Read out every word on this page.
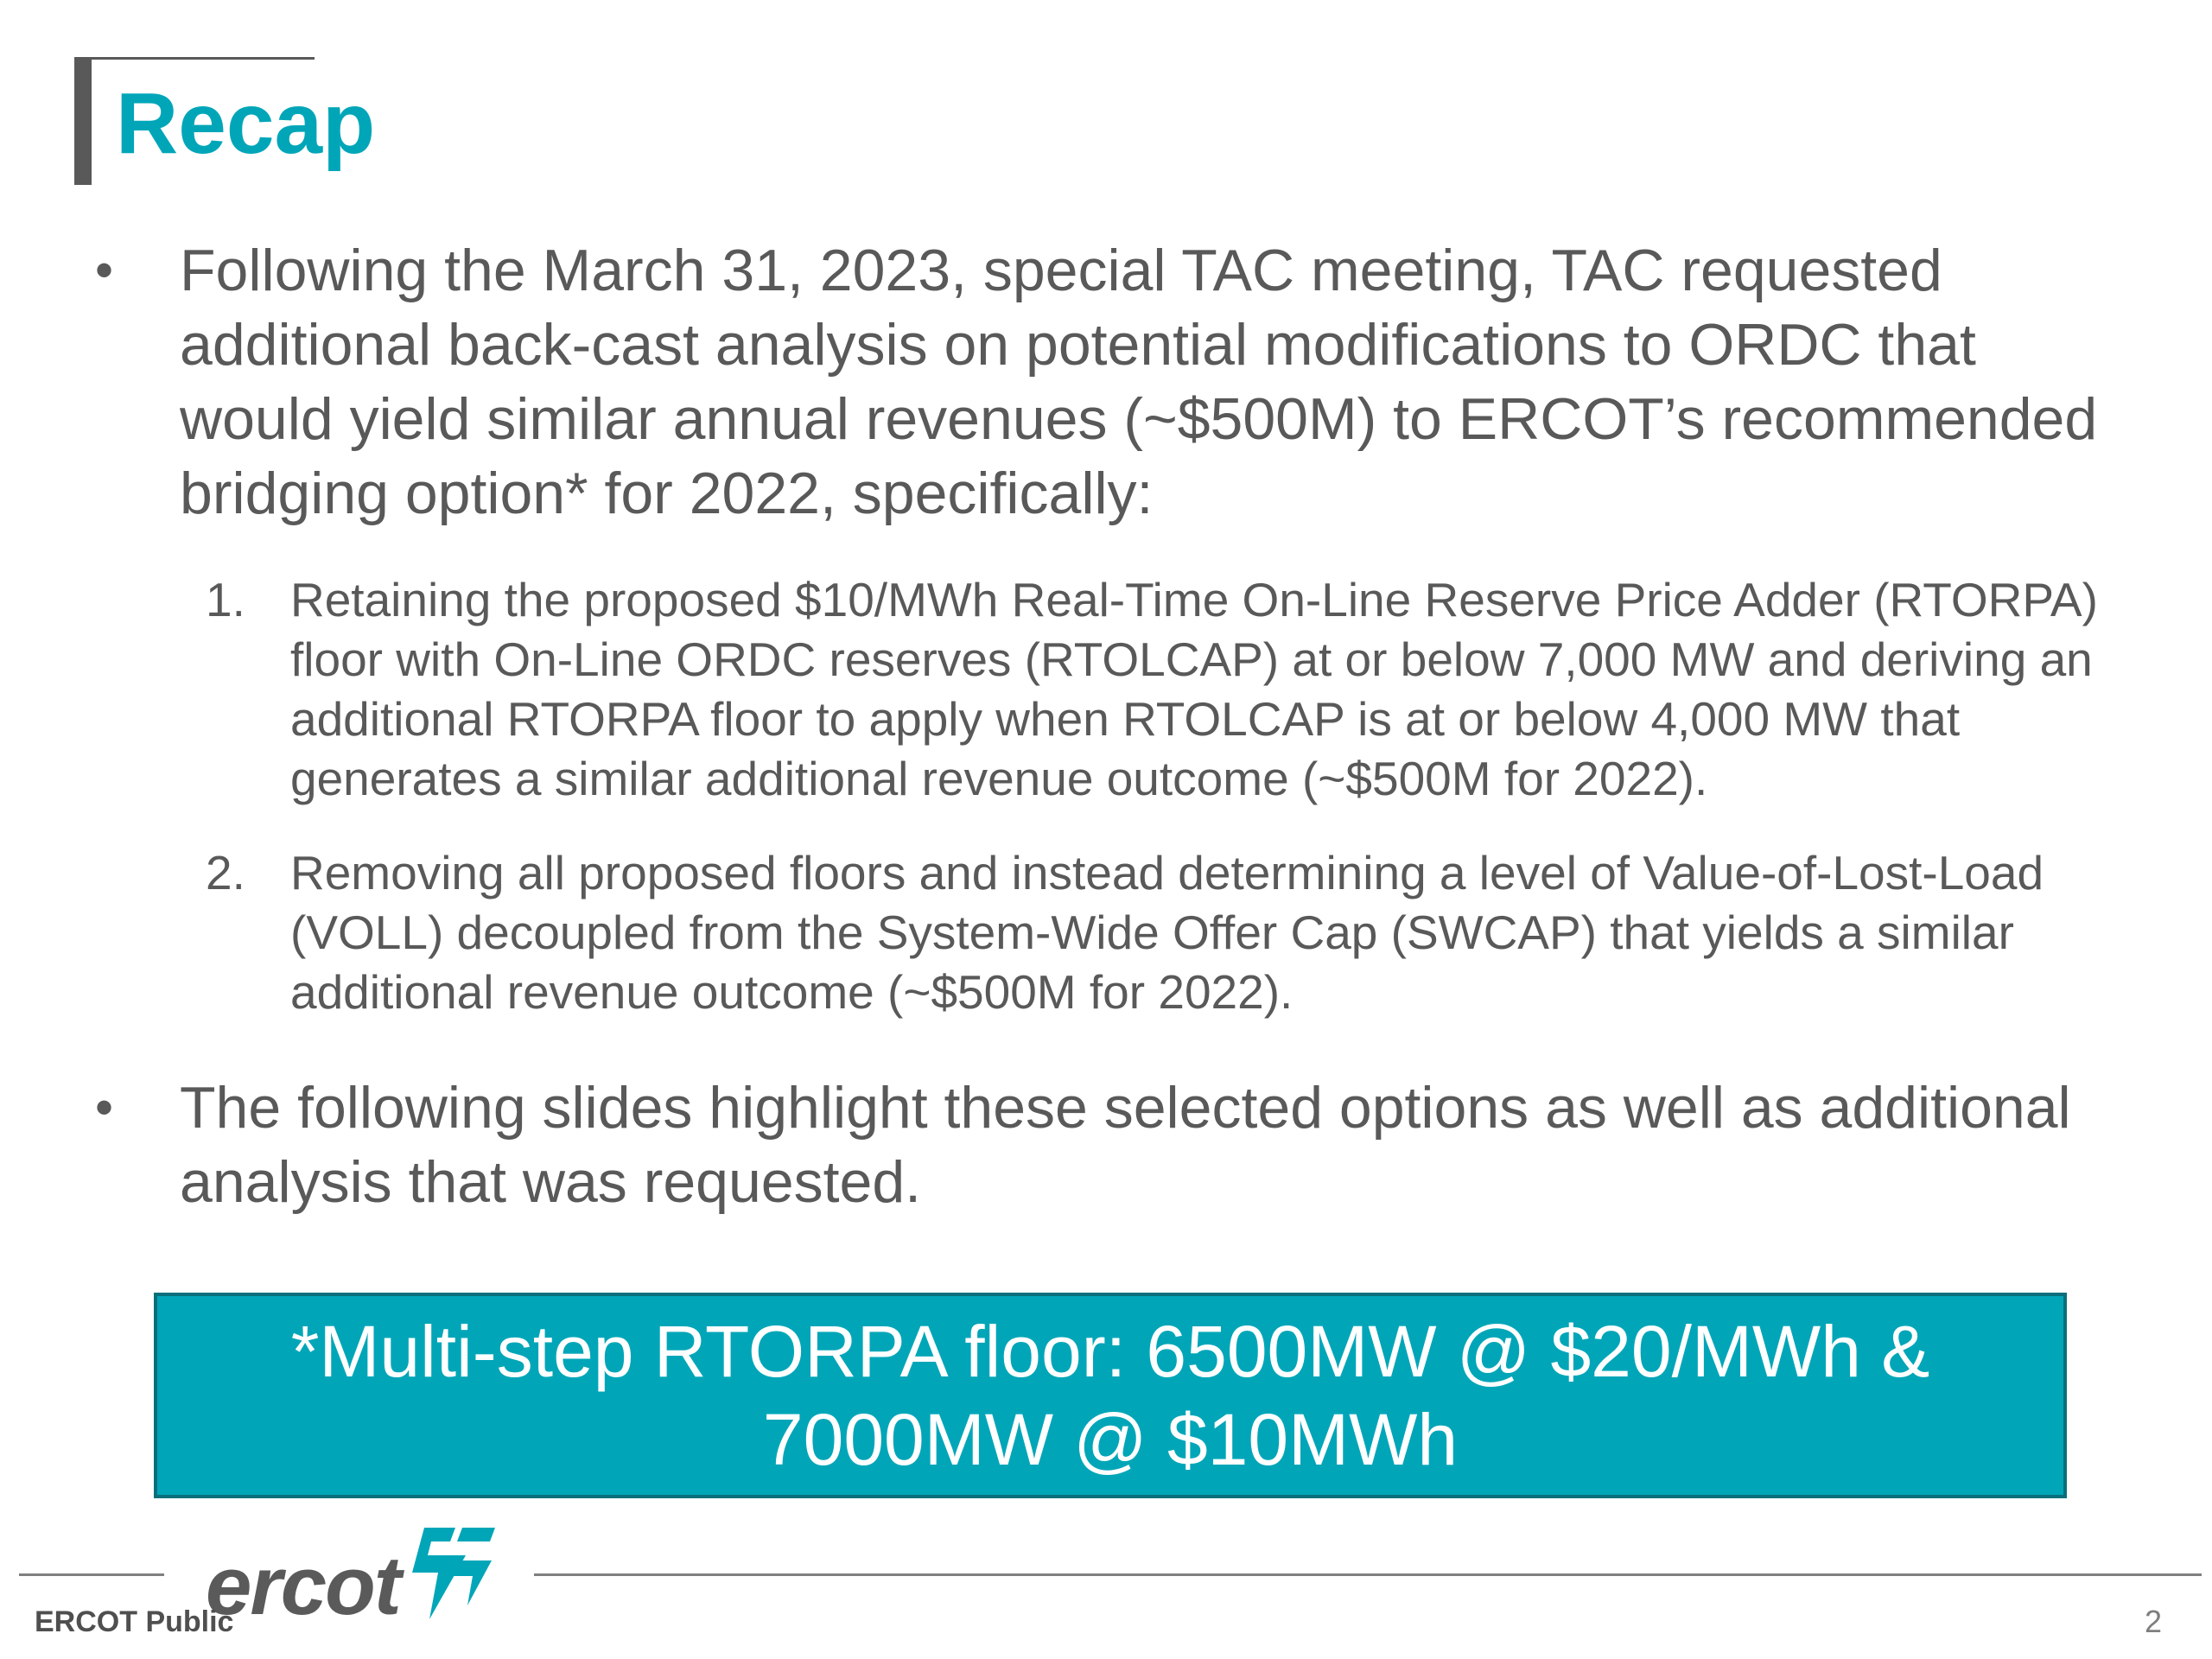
Recap
• Following the March 31, 2023, special TAC meeting, TAC requested additional back-cast analysis on potential modifications to ORDC that would yield similar annual revenues (~$500M) to ERCOT’s recommended bridging option* for 2022, specifically:
1. Retaining the proposed $10/MWh Real-Time On-Line Reserve Price Adder (RTORPA) floor with On-Line ORDC reserves (RTOLCAP) at or below 7,000 MW and deriving an additional RTORPA floor to apply when RTOLCAP is at or below 4,000 MW that generates a similar additional revenue outcome (~$500M for 2022).
2. Removing all proposed floors and instead determining a level of Value-of-Lost-Load (VOLL) decoupled from the System-Wide Offer Cap (SWCAP) that yields a similar additional revenue outcome (~$500M for 2022).
• The following slides highlight these selected options as well as additional analysis that was requested.
*Multi-step RTORPA floor: 6500MW @ $20/MWh & 7000MW @ $10MWh
ercot
ERCOT Public	2
